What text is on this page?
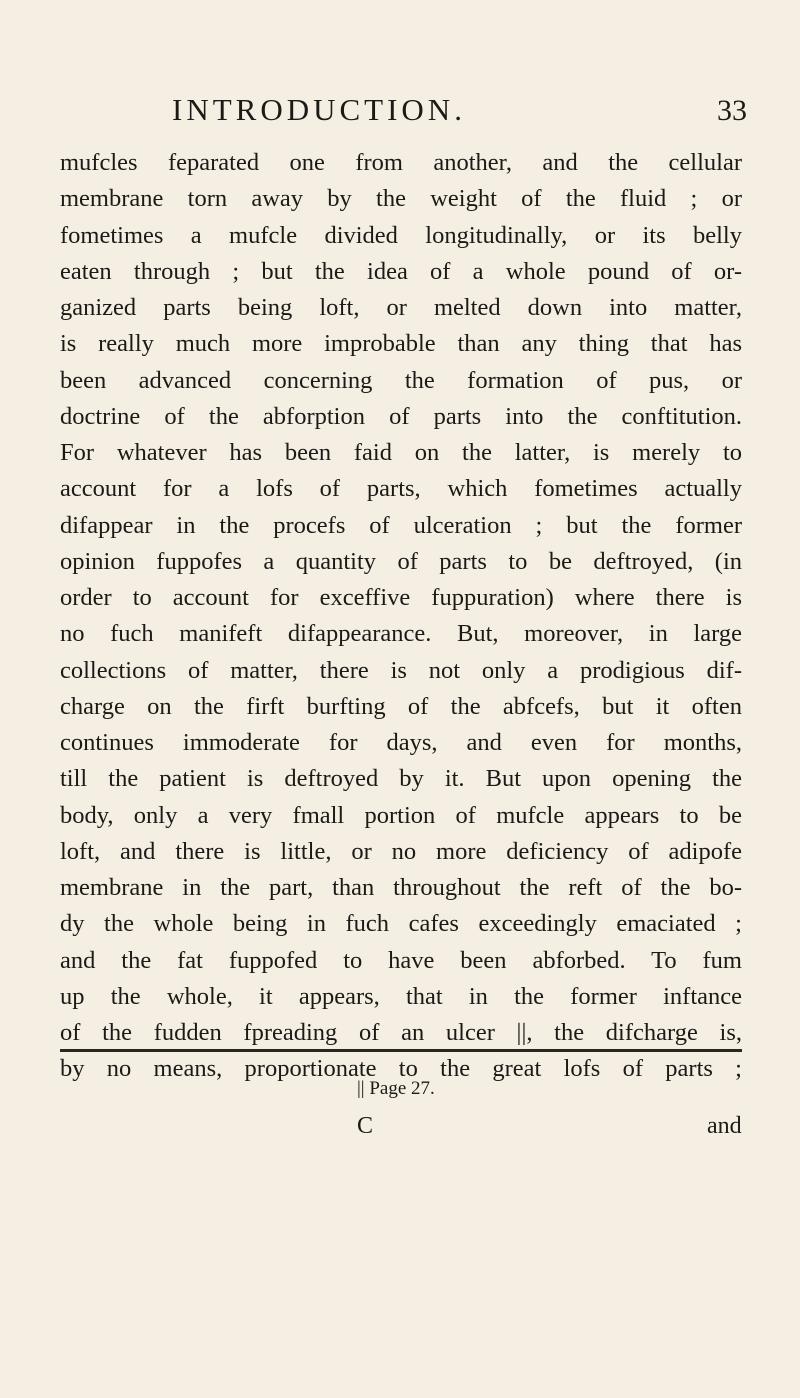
INTRODUCTION.	33
mufcles feparated one from another, and the cellular
membrane torn away by the weight of the fluid ; or
fometimes a mufcle divided longitudinally, or its belly
eaten through ; but the idea of a whole pound of or-
ganized parts being loft, or melted down into matter,
is really much more improbable than any thing that has
been advanced concerning the formation of pus, or
doctrine of the abforption of parts into the conftitution.
For whatever has been faid on the latter, is merely to
account for a lofs of parts, which fometimes actually
difappear in the procefs of ulceration ; but the former
opinion fuppofes a quantity of parts to be deftroyed, (in
order to account for exceffive fuppuration) where there is
no fuch manifeft difappearance. But, moreover, in large
collections of matter, there is not only a prodigious dif-
charge on the firft burfting of the abfcefs, but it often
continues immoderate for days, and even for months,
till the patient is deftroyed by it. But upon opening the
body, only a very fmall portion of mufcle appears to be
loft, and there is little, or no more deficiency of adipofe
membrane in the part, than throughout the reft of the bo-
dy the whole being in fuch cafes exceedingly emaciated ;
and the fat fuppofed to have been abforbed. To fum
up the whole, it appears, that in the former inftance
of the fudden fpreading of an ulcer ||, the difcharge is,
by no means, proportionate to the great lofs of parts ;
|| Page 27.
C	and
